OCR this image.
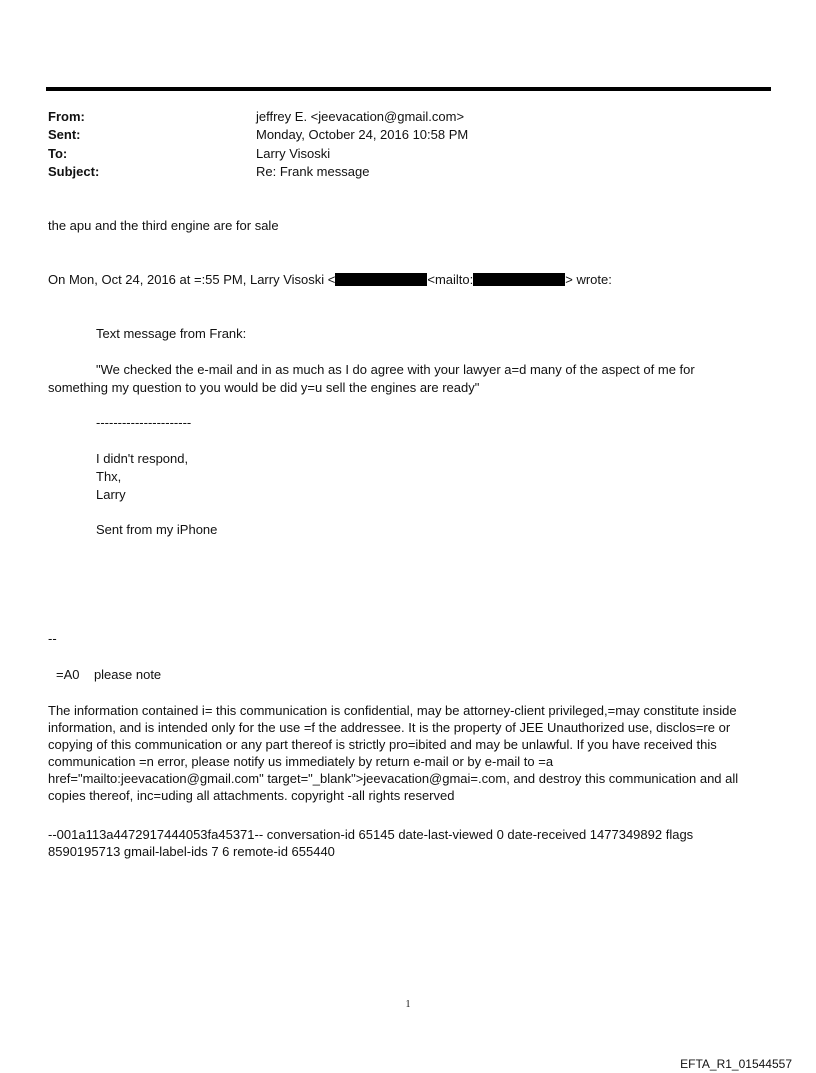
From:	jeffrey E. <jeevacation@gmail.com>
Sent:	Monday, October 24, 2016 10:58 PM
To:	Larry Visoski
Subject:	Re: Frank message
the apu and the third engine are for sale
On Mon, Oct 24, 2016 at =:55 PM, Larry Visoski <	<mailto:	> wrote:
Text message from Frank:
"We checked the e-mail and in as much as I do agree with your lawyer a=d many of the aspect of me for
something my question to you would be did y=u sell the engines are ready"
----------------------
I didn't respond,
Thx,
Larry
Sent from my iPhone
--
=A0    please note
The information contained i= this communication is confidential, may be attorney-client privileged,=may constitute inside information, and is intended only for the use =f the addressee. It is the property of JEE Unauthorized use, disclos=re or copying of this communication or any part thereof is strictly pro=ibited and may be unlawful. If you have received this communication =n error, please notify us immediately by return e-mail or by e-mail to =a href="mailto:jeevacation@gmail.com" target="_blank">jeevacation@gmai=.com, and destroy this communication and all copies thereof, inc=uding all attachments. copyright -all rights reserved
--001a113a4472917444053fa45371-- conversation-id 65145 date-last-viewed 0 date-received 1477349892 flags 8590195713 gmail-label-ids 7 6 remote-id 655440
1
EFTA_R1_01544557
